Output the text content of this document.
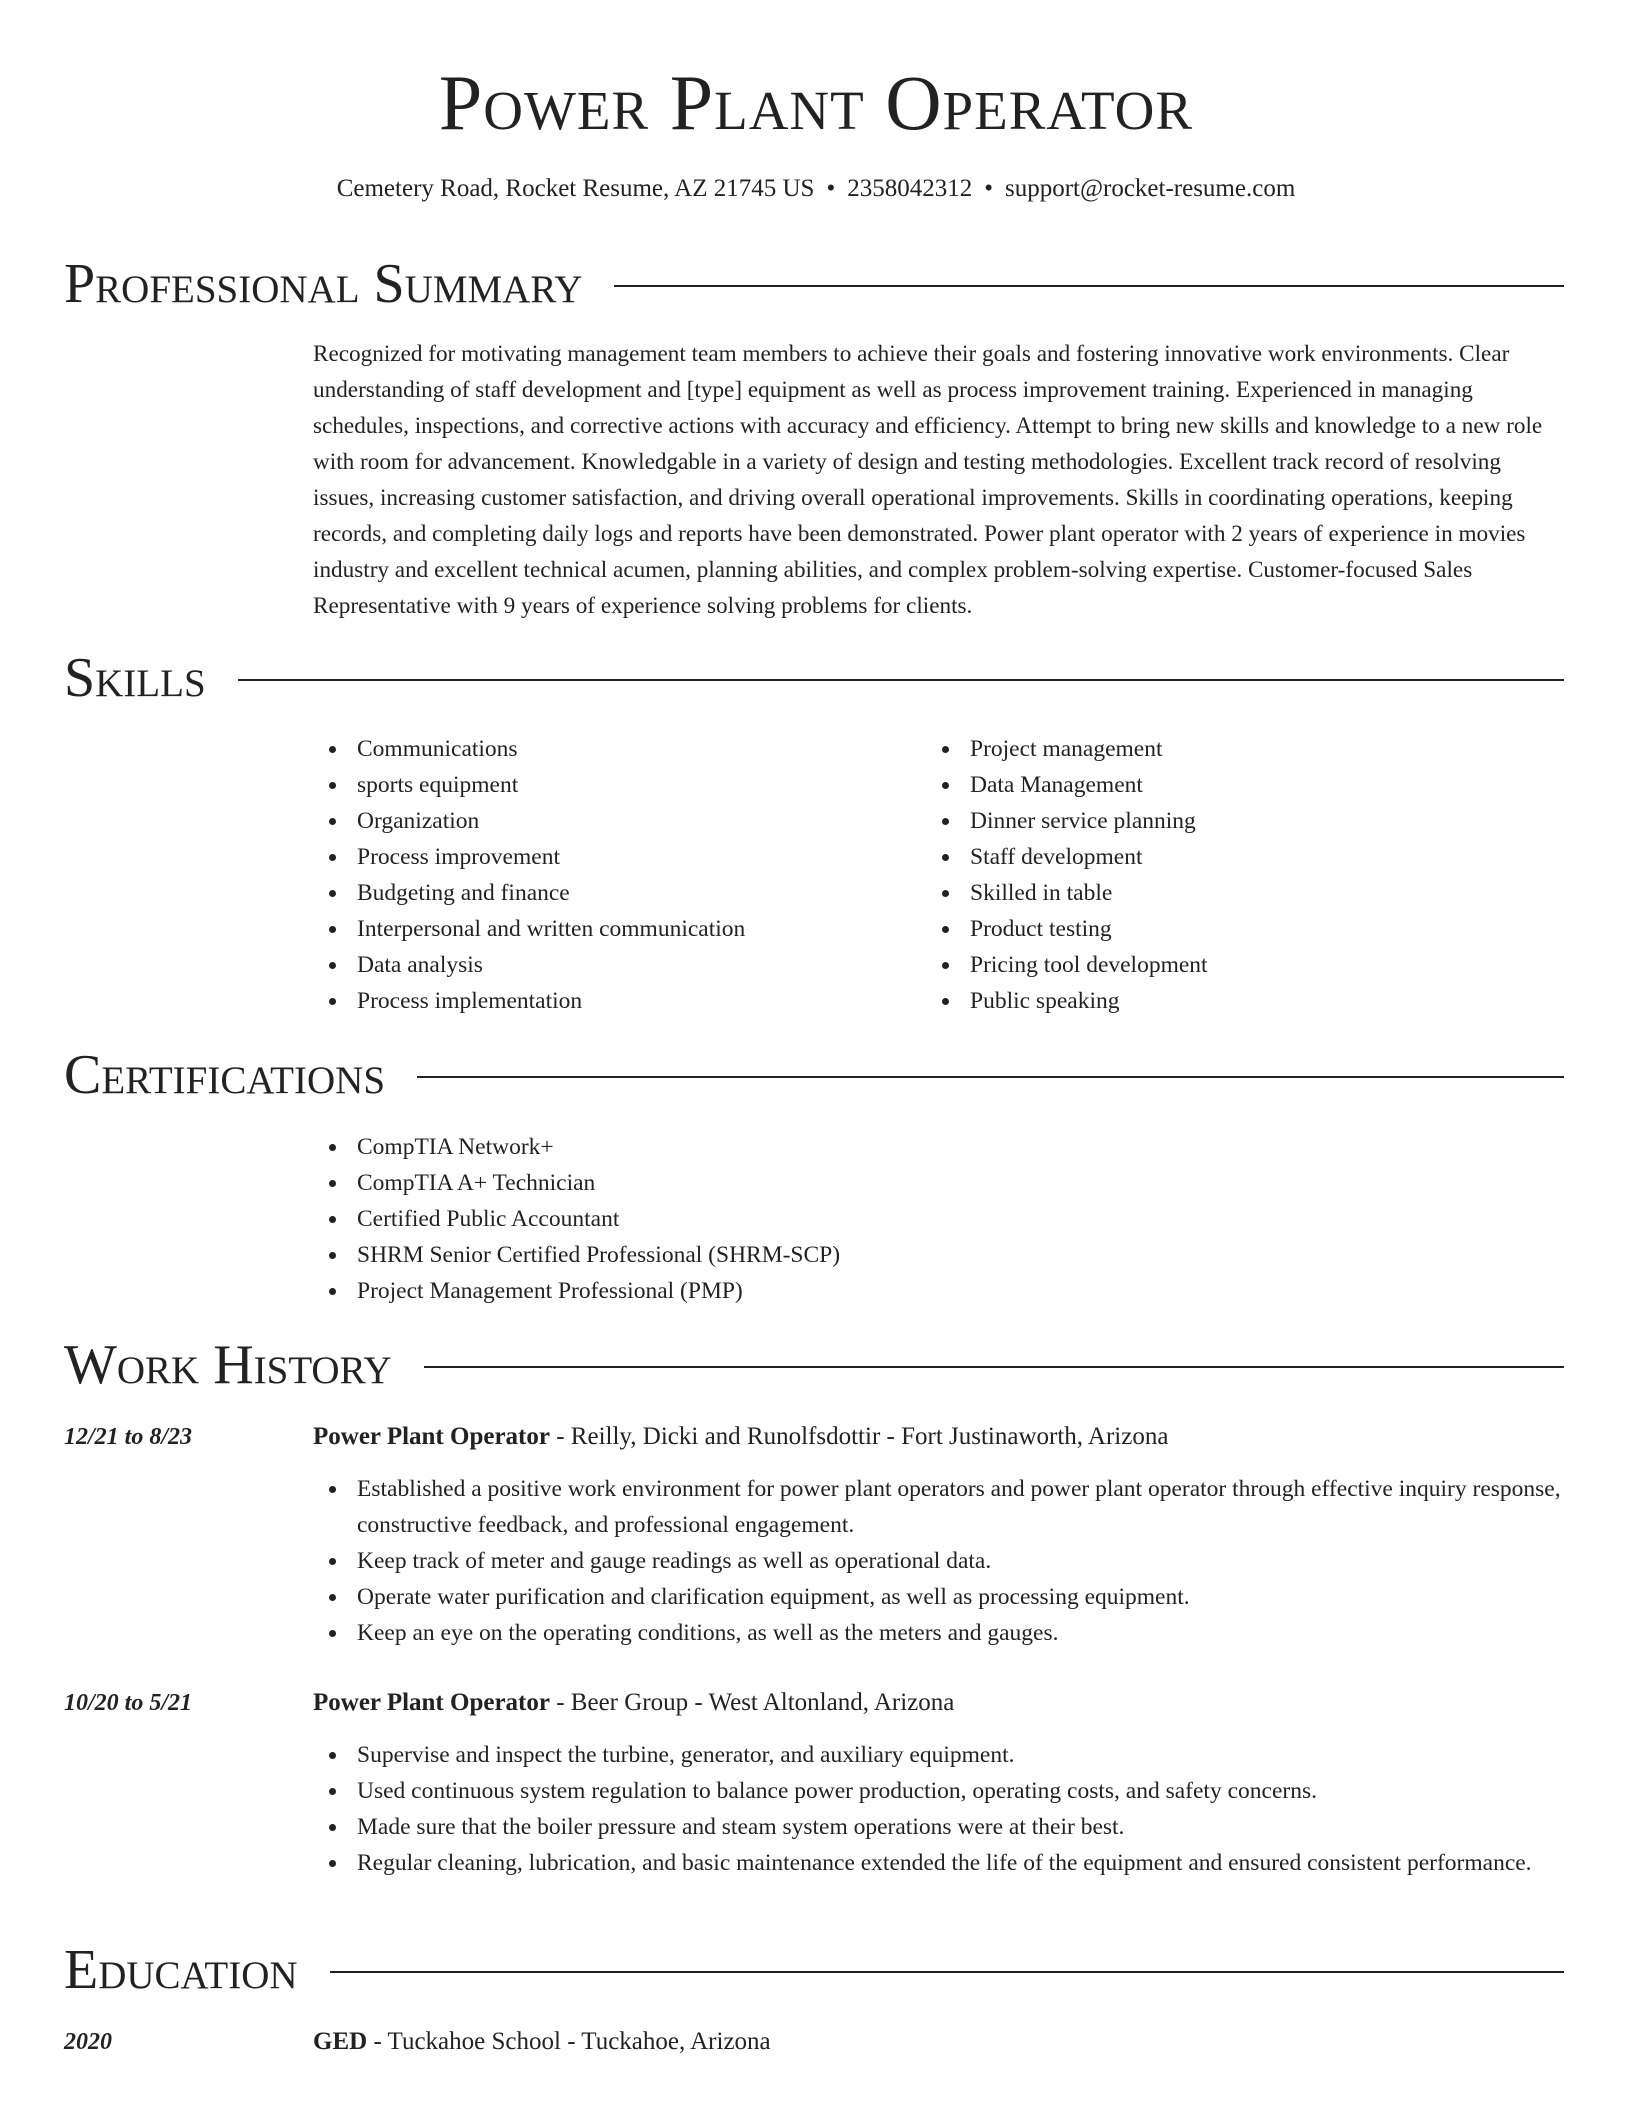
Power Plant Operator
Cemetery Road, Rocket Resume, AZ 21745 US • 2358042312 • support@rocket-resume.com
Professional Summary
Recognized for motivating management team members to achieve their goals and fostering innovative work environments. Clear understanding of staff development and [type] equipment as well as process improvement training. Experienced in managing schedules, inspections, and corrective actions with accuracy and efficiency. Attempt to bring new skills and knowledge to a new role with room for advancement. Knowledgable in a variety of design and testing methodologies. Excellent track record of resolving issues, increasing customer satisfaction, and driving overall operational improvements. Skills in coordinating operations, keeping records, and completing daily logs and reports have been demonstrated. Power plant operator with 2 years of experience in movies industry and excellent technical acumen, planning abilities, and complex problem-solving expertise. Customer-focused Sales Representative with 9 years of experience solving problems for clients.
Skills
Communications
sports equipment
Organization
Process improvement
Budgeting and finance
Interpersonal and written communication
Data analysis
Process implementation
Project management
Data Management
Dinner service planning
Staff development
Skilled in table
Product testing
Pricing tool development
Public speaking
Certifications
CompTIA Network+
CompTIA A+ Technician
Certified Public Accountant
SHRM Senior Certified Professional (SHRM-SCP)
Project Management Professional (PMP)
Work History
12/21 to 8/23	Power Plant Operator - Reilly, Dicki and Runolfsdottir - Fort Justinaworth, Arizona
Established a positive work environment for power plant operators and power plant operator through effective inquiry response, constructive feedback, and professional engagement.
Keep track of meter and gauge readings as well as operational data.
Operate water purification and clarification equipment, as well as processing equipment.
Keep an eye on the operating conditions, as well as the meters and gauges.
10/20 to 5/21	Power Plant Operator - Beer Group - West Altonland, Arizona
Supervise and inspect the turbine, generator, and auxiliary equipment.
Used continuous system regulation to balance power production, operating costs, and safety concerns.
Made sure that the boiler pressure and steam system operations were at their best.
Regular cleaning, lubrication, and basic maintenance extended the life of the equipment and ensured consistent performance.
Education
2020	GED - Tuckahoe School - Tuckahoe, Arizona
